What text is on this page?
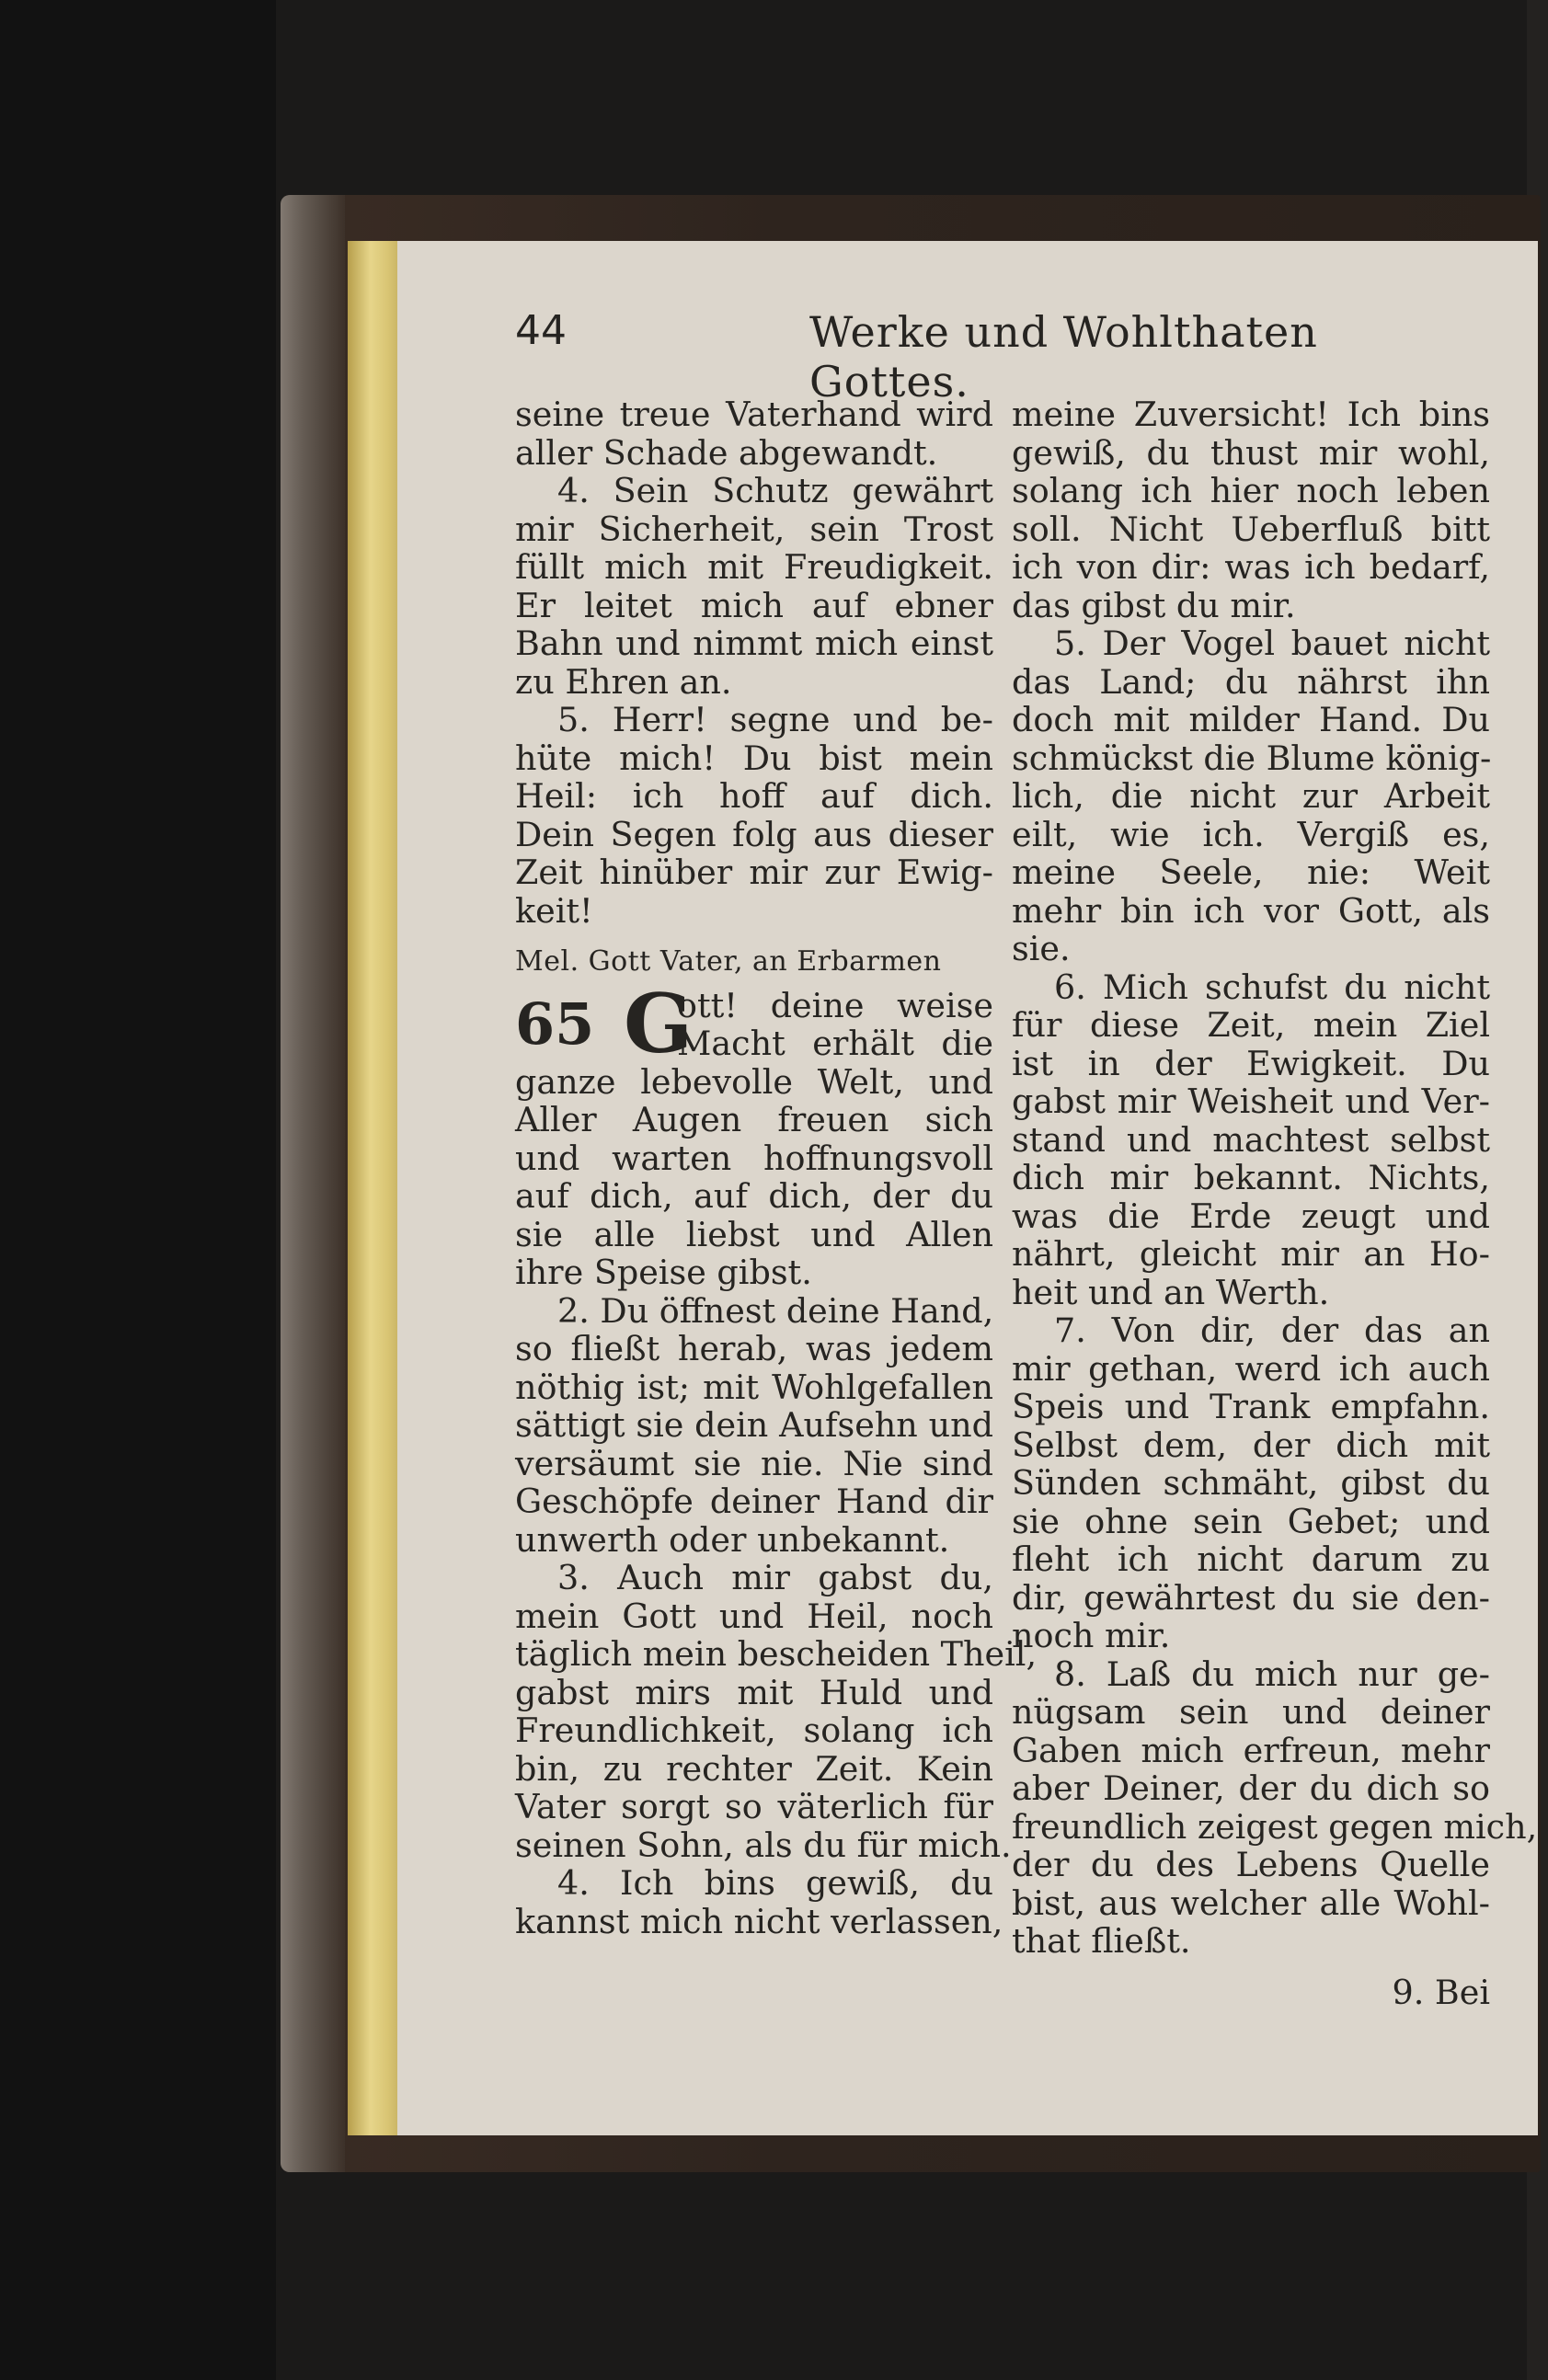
44	Werke und Wohlthaten Gottes.
seine treue Vaterhand wird
aller Schade abgewandt.
4. Sein Schutz gewährt
mir Sicherheit, sein Trost
füllt mich mit Freudigkeit.
Er leitet mich auf ebner
Bahn und nimmt mich einst
zu Ehren an.
5. Herr! segne und be-
hüte mich! Du bist mein
Heil: ich hoff auf dich.
Dein Segen folg aus dieser
Zeit hinüber mir zur Ewig-
keit!
Mel. Gott Vater, an Erbarmen
65 G
ott! deine weise
Macht erhält die
ganze lebevolle Welt, und
Aller Augen freuen sich
und warten hoffnungsvoll
auf dich, auf dich, der du
sie alle liebst und Allen
ihre Speise gibst.
2. Du öffnest deine Hand,
so fließt herab, was jedem
nöthig ist; mit Wohlgefallen
sättigt sie dein Aufsehn und
versäumt sie nie. Nie sind
Geschöpfe deiner Hand dir
unwerth oder unbekannt.
3. Auch mir gabst du,
mein Gott und Heil, noch
täglich mein bescheiden Theil,
gabst mirs mit Huld und
Freundlichkeit, solang ich
bin, zu rechter Zeit. Kein
Vater sorgt so väterlich für
seinen Sohn, als du für mich.
4. Ich bins gewiß, du
kannst mich nicht verlassen,
meine Zuversicht! Ich bins
gewiß, du thust mir wohl,
solang ich hier noch leben
soll. Nicht Ueberfluß bitt
ich von dir: was ich bedarf,
das gibst du mir.
5. Der Vogel bauet nicht
das Land; du nährst ihn
doch mit milder Hand. Du
schmückst die Blume könig-
lich, die nicht zur Arbeit
eilt, wie ich. Vergiß es,
meine Seele, nie: Weit
mehr bin ich vor Gott, als
sie.
6. Mich schufst du nicht
für diese Zeit, mein Ziel
ist in der Ewigkeit. Du
gabst mir Weisheit und Ver-
stand und machtest selbst
dich mir bekannt. Nichts,
was die Erde zeugt und
nährt, gleicht mir an Ho-
heit und an Werth.
7. Von dir, der das an
mir gethan, werd ich auch
Speis und Trank empfahn.
Selbst dem, der dich mit
Sünden schmäht, gibst du
sie ohne sein Gebet; und
fleht ich nicht darum zu
dir, gewährtest du sie den-
noch mir.
8. Laß du mich nur ge-
nügsam sein und deiner
Gaben mich erfreun, mehr
aber Deiner, der du dich so
freundlich zeigest gegen mich,
der du des Lebens Quelle
bist, aus welcher alle Wohl-
that fließt.
9. Bei
